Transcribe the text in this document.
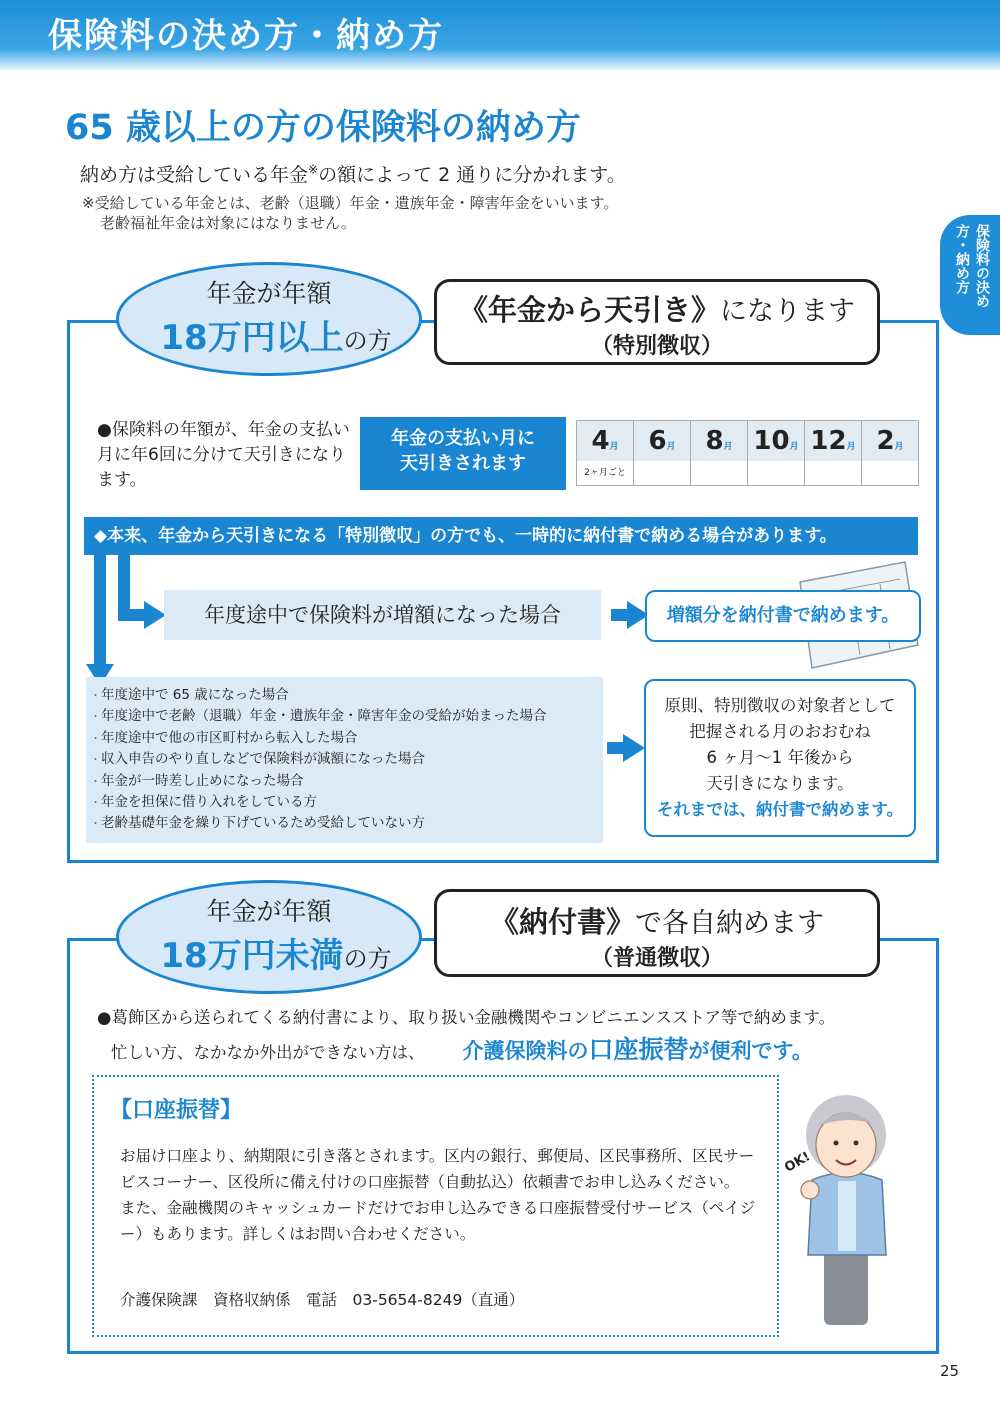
保険料の決め方・納め方
保険料の決め方・納め方
65 歳以上の方の保険料の納め方
納め方は受給している年金※の額によって 2 通りに分かれます。
※受給している年金とは、老齢（退職）年金・遺族年金・障害年金をいいます。
老齢福祉年金は対象にはなりません。
年金が年額
18万円以上の方
《年金から天引き》になります
（特別徴収）
●保険料の年額が、年金の支払い月に年6回に分けて天引きになります。
年金の支払い月に
天引きされます
4月
2ヶ月ごと
6月	8月 10月 12月 2月
◆本来、年金から天引きになる「特別徴収」の方でも、一時的に納付書で納める場合があります。
年度途中で保険料が増額になった場合	増額分を納付書で納めます。
・ 年度途中で 65 歳になった場合
・ 年度途中で老齢（退職）年金・遺族年金・障害年金の受給が始まった場合
・ 年度途中で他の市区町村から転入した場合
・ 収入申告のやり直しなどで保険料が減額になった場合
・ 年金が一時差し止めになった場合
・ 年金を担保に借り入れをしている方
・ 老齢基礎年金を繰り下げているため受給していない方
原則、特別徴収の対象者として
把握される月のおおむね
6 ヶ月～1 年後から
天引きになります。
それまでは、納付書で納めます。
年金が年額
18万円未満の方
《納付書》で各自納めます
（普通徴収）
●葛飾区から送られてくる納付書により、取り扱い金融機関やコンビニエンスストア等で納めます。
忙しい方、なかなか外出ができない方は、 介護保険料の口座振替が便利です。
【口座振替】
お届け口座より、納期限に引き落とされます。区内の銀行、郵便局、区民事務所、区民サービスコーナー、区役所に備え付けの口座振替（自動払込）依頼書でお申し込みください。
また、金融機関のキャッシュカードだけでお申し込みできる口座振替受付サービス（ペイジー）もあります。詳しくはお問い合わせください。
介護保険課　資格収納係　電話　03-5654-8249（直通）
OK!
25
